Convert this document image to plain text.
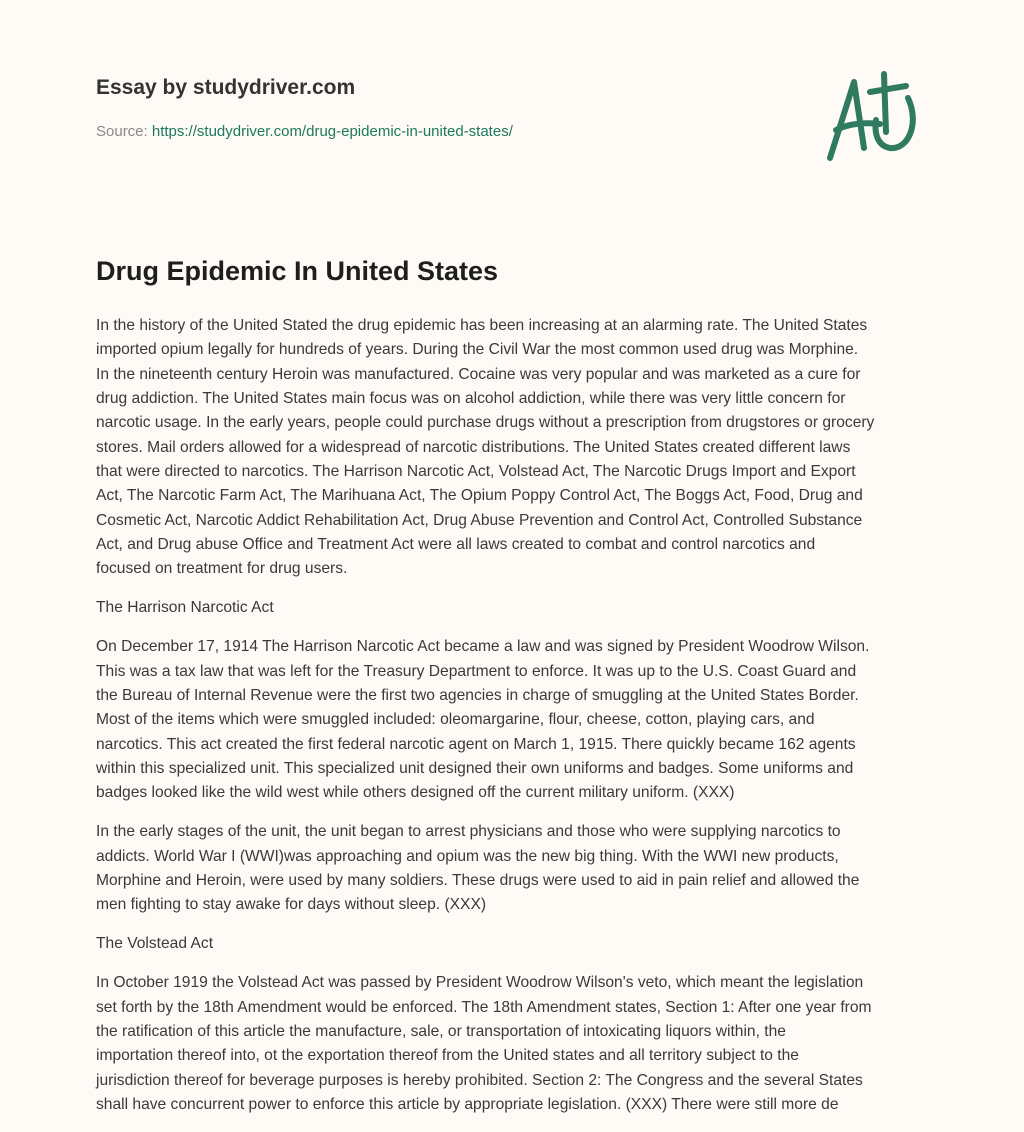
Essay by studydriver.com
Source: https://studydriver.com/drug-epidemic-in-united-states/
Drug Epidemic In United States

In the history of the United Stated the drug epidemic has been increasing at an alarming rate. The United States
imported opium legally for hundreds of years. During the Civil War the most common used drug was Morphine.
In the nineteenth century Heroin was manufactured. Cocaine was very popular and was marketed as a cure for
drug addiction. The United States main focus was on alcohol addiction, while there was very little concern for
narcotic usage. In the early years, people could purchase drugs without a prescription from drugstores or grocery
stores. Mail orders allowed for a widespread of narcotic distributions. The United States created different laws
that were directed to narcotics. The Harrison Narcotic Act, Volstead Act, The Narcotic Drugs Import and Export
Act, The Narcotic Farm Act, The Marihuana Act, The Opium Poppy Control Act, The Boggs Act, Food, Drug and
Cosmetic Act, Narcotic Addict Rehabilitation Act, Drug Abuse Prevention and Control Act, Controlled Substance
Act, and Drug abuse Office and Treatment Act were all laws created to combat and control narcotics and
focused on treatment for drug users.

The Harrison Narcotic Act

On December 17, 1914 The Harrison Narcotic Act became a law and was signed by President Woodrow Wilson.
This was a tax law that was left for the Treasury Department to enforce. It was up to the U.S. Coast Guard and
the Bureau of Internal Revenue were the first two agencies in charge of smuggling at the United States Border.
Most of the items which were smuggled included: oleomargarine, flour, cheese, cotton, playing cars, and
narcotics. This act created the first federal narcotic agent on March 1, 1915. There quickly became 162 agents
within this specialized unit. This specialized unit designed their own uniforms and badges. Some uniforms and
badges looked like the wild west while others designed off the current military uniform. (XXX)

In the early stages of the unit, the unit began to arrest physicians and those who were supplying narcotics to
addicts. World War I (WWI)was approaching and opium was the new big thing. With the WWI new products,
Morphine and Heroin, were used by many soldiers. These drugs were used to aid in pain relief and allowed the
men fighting to stay awake for days without sleep. (XXX)

The Volstead Act

In October 1919 the Volstead Act was passed by President Woodrow Wilson's veto, which meant the legislation
set forth by the 18th Amendment would be enforced. The 18th Amendment states, Section 1: After one year from
the ratification of this article the manufacture, sale, or transportation of intoxicating liquors within, the
importation thereof into, ot the exportation thereof from the United states and all territory subject to the
jurisdiction thereof for beverage purposes is hereby prohibited. Section 2: The Congress and the several States
shall have concurrent power to enforce this article by appropriate legislation. (XXX) There were still more de
